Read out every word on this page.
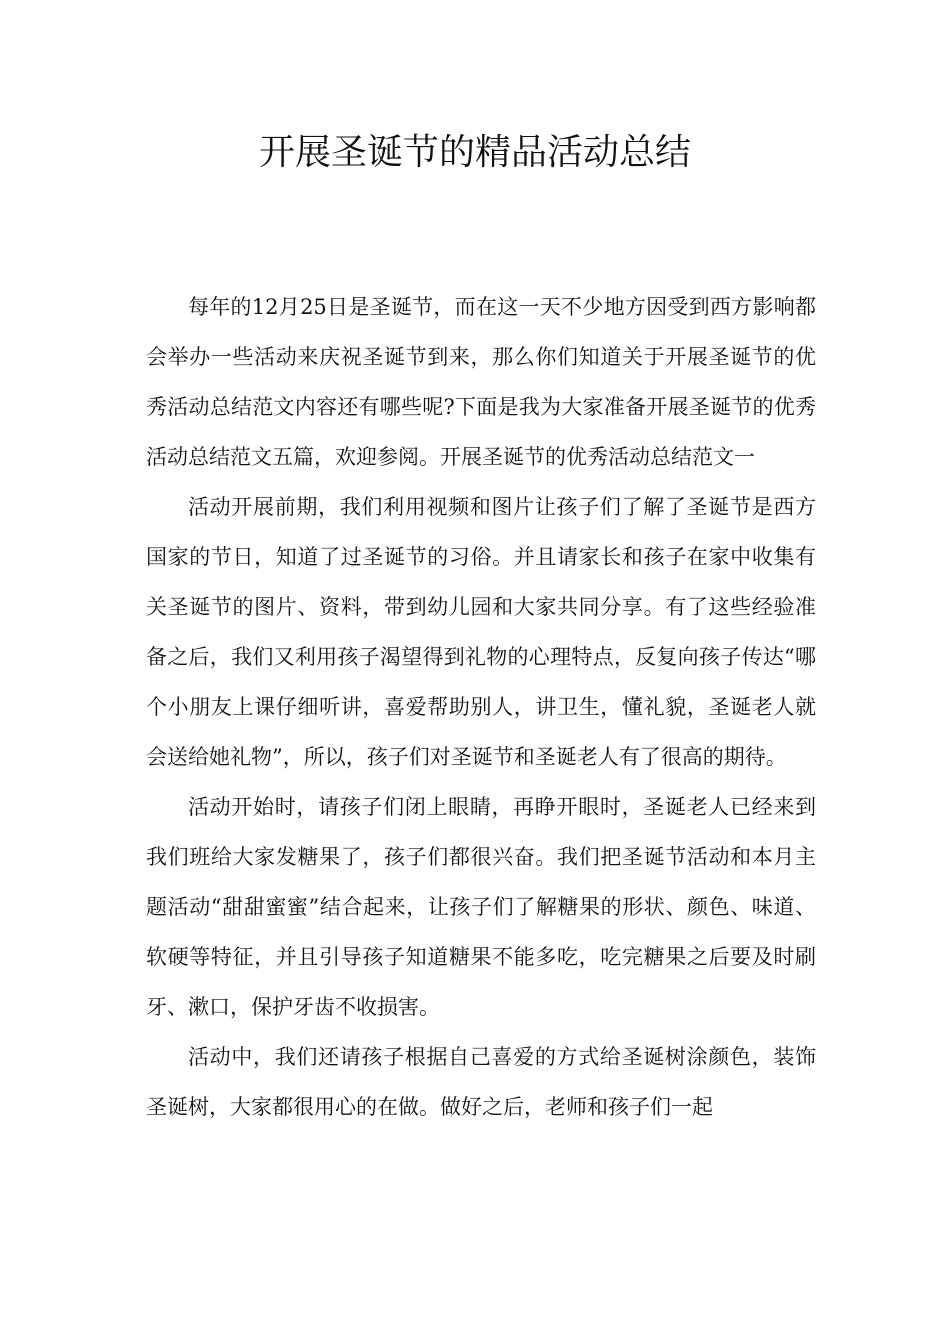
开展圣诞节的精品活动总结

每年的12月25日是圣诞节，而在这一天不少地方因受到西方影响都会举办一些活动来庆祝圣诞节到来，那么你们知道关于开展圣诞节的优秀活动总结范文内容还有哪些呢?下面是我为大家准备开展圣诞节的优秀活动总结范文五篇，欢迎参阅。开展圣诞节的优秀活动总结范文一

活动开展前期，我们利用视频和图片让孩子们了解了圣诞节是西方国家的节日，知道了过圣诞节的习俗。并且请家长和孩子在家中收集有关圣诞节的图片、资料，带到幼儿园和大家共同分享。有了这些经验准备之后，我们又利用孩子渴望得到礼物的心理特点，反复向孩子传达“哪个小朋友上课仔细听讲，喜爱帮助别人，讲卫生，懂礼貌，圣诞老人就会送给她礼物”，所以，孩子们对圣诞节和圣诞老人有了很高的期待。

活动开始时，请孩子们闭上眼睛，再睁开眼时，圣诞老人已经来到我们班给大家发糖果了，孩子们都很兴奋。我们把圣诞节活动和本月主题活动“甜甜蜜蜜”结合起来，让孩子们了解糖果的形状、颜色、味道、软硬等特征，并且引导孩子知道糖果不能多吃，吃完糖果之后要及时刷牙、漱口，保护牙齿不收损害。

活动中，我们还请孩子根据自己喜爱的方式给圣诞树涂颜色，装饰圣诞树，大家都很用心的在做。做好之后，老师和孩子们一起
